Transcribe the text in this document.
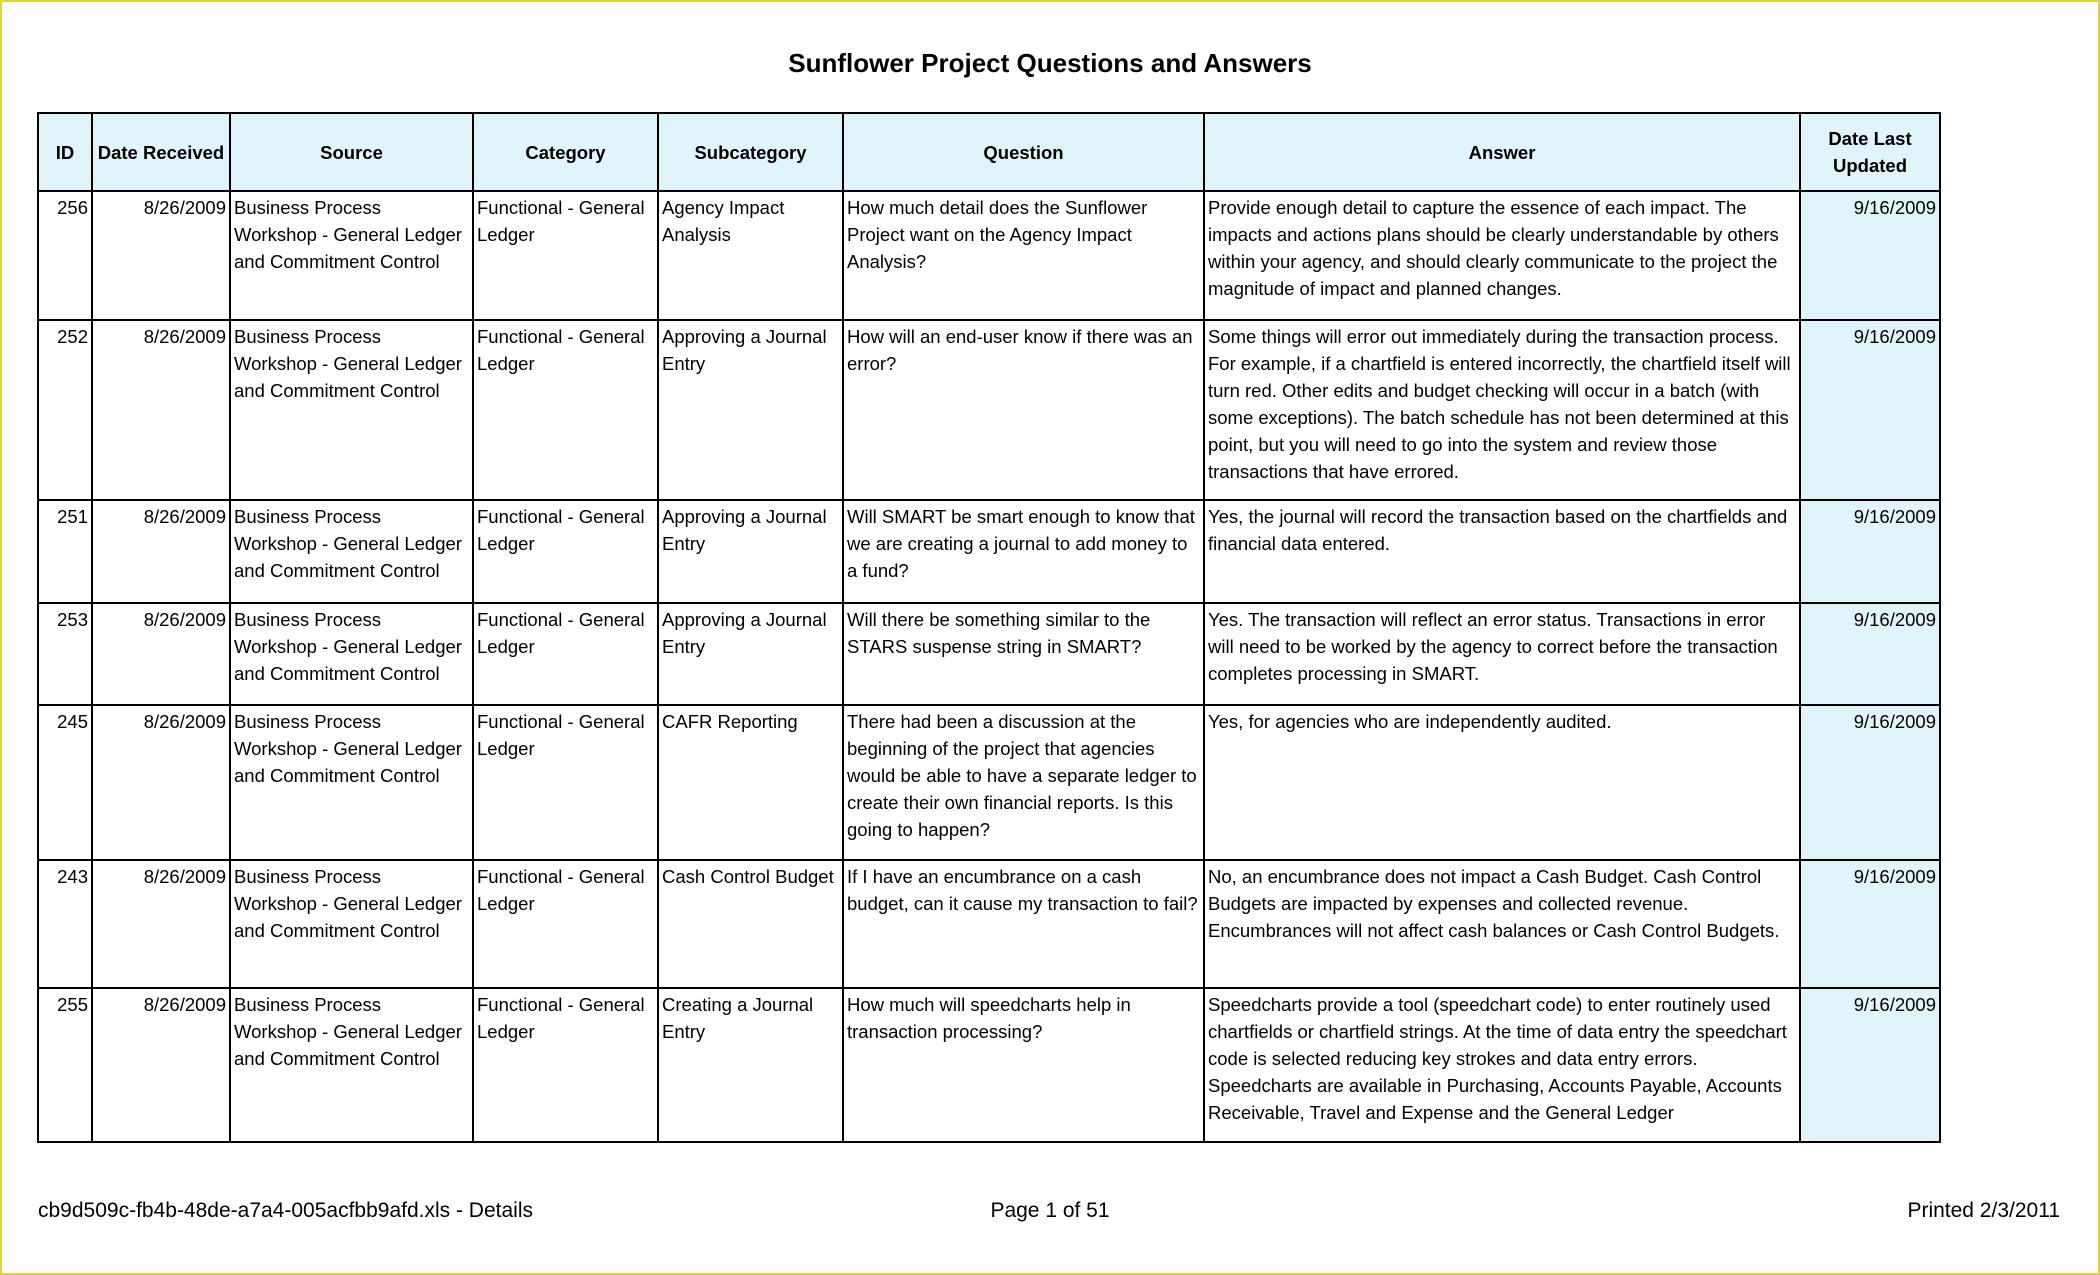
Sunflower Project Questions and Answers
ID	Date Received	Source	Category	Subcategory	Question	Answer	Date Last Updated
256	8/26/2009	Business Process Workshop - General Ledger and Commitment Control	Functional - General Ledger	Agency Impact Analysis	How much detail does the Sunflower Project want on the Agency Impact Analysis?	Provide enough detail to capture the essence of each impact. The impacts and actions plans should be clearly understandable by others within your agency, and should clearly communicate to the project the magnitude of impact and planned changes.	9/16/2009
252	8/26/2009	Business Process Workshop - General Ledger and Commitment Control	Functional - General Ledger	Approving a Journal Entry	How will an end-user know if there was an error?	Some things will error out immediately during the transaction process. For example, if a chartfield is entered incorrectly, the chartfield itself will turn red. Other edits and budget checking will occur in a batch (with some exceptions). The batch schedule has not been determined at this point, but you will need to go into the system and review those transactions that have errored.	9/16/2009
251	8/26/2009	Business Process Workshop - General Ledger and Commitment Control	Functional - General Ledger	Approving a Journal Entry	Will SMART be smart enough to know that we are creating a journal to add money to a fund?	Yes, the journal will record the transaction based on the chartfields and financial data entered.	9/16/2009
253	8/26/2009	Business Process Workshop - General Ledger and Commitment Control	Functional - General Ledger	Approving a Journal Entry	Will there be something similar to the STARS suspense string in SMART?	Yes. The transaction will reflect an error status. Transactions in error will need to be worked by the agency to correct before the transaction completes processing in SMART.	9/16/2009
245	8/26/2009	Business Process Workshop - General Ledger and Commitment Control	Functional - General Ledger	CAFR Reporting	There had been a discussion at the beginning of the project that agencies would be able to have a separate ledger to create their own financial reports. Is this going to happen?	Yes, for agencies who are independently audited.	9/16/2009
243	8/26/2009	Business Process Workshop - General Ledger and Commitment Control	Functional - General Ledger	Cash Control Budget	If I have an encumbrance on a cash budget, can it cause my transaction to fail?	No, an encumbrance does not impact a Cash Budget. Cash Control Budgets are impacted by expenses and collected revenue. Encumbrances will not affect cash balances or Cash Control Budgets.	9/16/2009
255	8/26/2009	Business Process Workshop - General Ledger and Commitment Control	Functional - General Ledger	Creating a Journal Entry	How much will speedcharts help in transaction processing?	Speedcharts provide a tool (speedchart code) to enter routinely used chartfields or chartfield strings. At the time of data entry the speedchart code is selected reducing key strokes and data entry errors. Speedcharts are available in Purchasing, Accounts Payable, Accounts Receivable, Travel and Expense and the General Ledger	9/16/2009
cb9d509c-fb4b-48de-a7a4-005acfbb9afd.xls - Details	Page 1 of 51	Printed 2/3/2011
